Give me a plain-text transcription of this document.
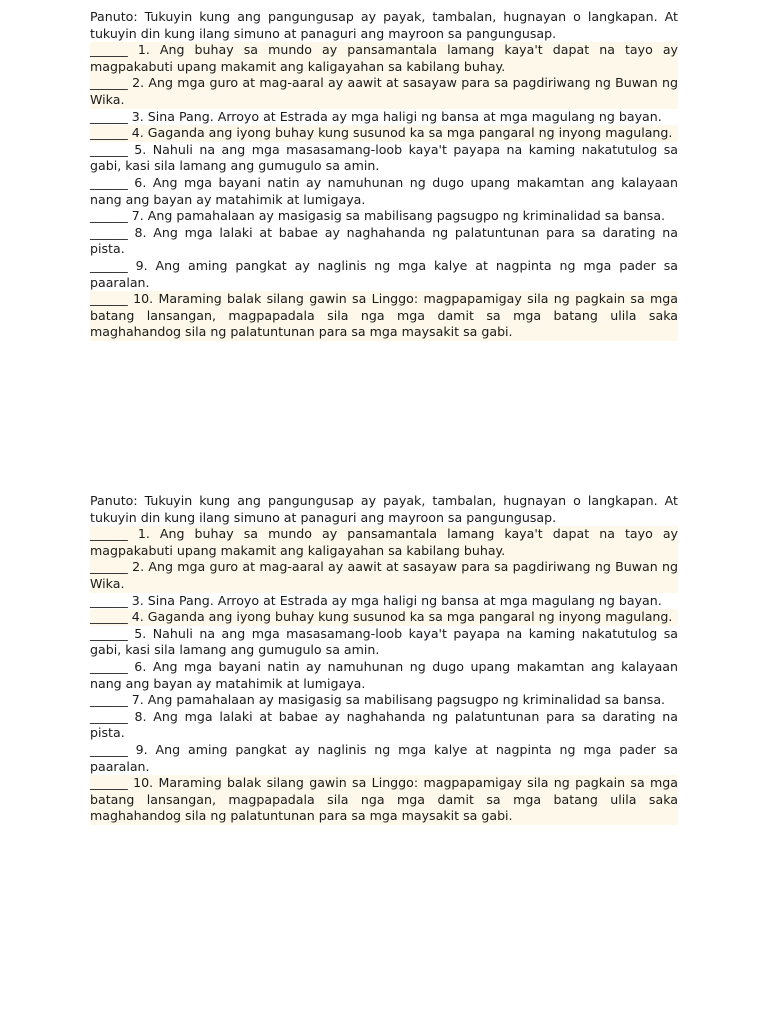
Panuto: Tukuyin kung ang pangungusap ay payak, tambalan, hugnayan o langkapan. At tukuyin din kung ilang simuno at panaguri ang mayroon sa pangungusap.

______ 1. Ang buhay sa mundo ay pansamantala lamang kaya't dapat na tayo ay magpakabuti upang makamit ang kaligayahan sa kabilang buhay.

______ 2. Ang mga guro at mag-aaral ay aawit at sasayaw para sa pagdiriwang ng Buwan ng Wika.

______ 3. Sina Pang. Arroyo at Estrada ay mga haligi ng bansa at mga magulang ng bayan.

______ 4. Gaganda ang iyong buhay kung susunod ka sa mga pangaral ng inyong magulang.

______ 5. Nahuli na ang mga masasamang-loob kaya't payapa na kaming nakatutulog sa gabi, kasi sila lamang ang gumugulo sa amin.

______ 6. Ang mga bayani natin ay namuhunan ng dugo upang makamtan ang kalayaan nang ang bayan ay matahimik at lumigaya.

______ 7. Ang pamahalaan ay masigasig sa mabilisang pagsugpo ng kriminalidad sa bansa.

______ 8. Ang mga lalaki at babae ay naghahanda ng palatuntunan para sa darating na pista.

______ 9. Ang aming pangkat ay naglinis ng mga kalye at nagpinta ng mga pader sa paaralan.

______ 10. Maraming balak silang gawin sa Linggo: magpapamigay sila ng pagkain sa mga batang lansangan, magpapadala sila nga mga damit sa mga batang ulila saka maghahandog sila ng palatuntunan para sa mga maysakit sa gabi.

Panuto: Tukuyin kung ang pangungusap ay payak, tambalan, hugnayan o langkapan. At tukuyin din kung ilang simuno at panaguri ang mayroon sa pangungusap.

______ 1. Ang buhay sa mundo ay pansamantala lamang kaya't dapat na tayo ay magpakabuti upang makamit ang kaligayahan sa kabilang buhay.

______ 2. Ang mga guro at mag-aaral ay aawit at sasayaw para sa pagdiriwang ng Buwan ng Wika.

______ 3. Sina Pang. Arroyo at Estrada ay mga haligi ng bansa at mga magulang ng bayan.

______ 4. Gaganda ang iyong buhay kung susunod ka sa mga pangaral ng inyong magulang.

______ 5. Nahuli na ang mga masasamang-loob kaya't payapa na kaming nakatutulog sa gabi, kasi sila lamang ang gumugulo sa amin.

______ 6. Ang mga bayani natin ay namuhunan ng dugo upang makamtan ang kalayaan nang ang bayan ay matahimik at lumigaya.

______ 7. Ang pamahalaan ay masigasig sa mabilisang pagsugpo ng kriminalidad sa bansa.

______ 8. Ang mga lalaki at babae ay naghahanda ng palatuntunan para sa darating na pista.

______ 9. Ang aming pangkat ay naglinis ng mga kalye at nagpinta ng mga pader sa paaralan.

______ 10. Maraming balak silang gawin sa Linggo: magpapamigay sila ng pagkain sa mga batang lansangan, magpapadala sila nga mga damit sa mga batang ulila saka maghahandog sila ng palatuntunan para sa mga maysakit sa gabi.
